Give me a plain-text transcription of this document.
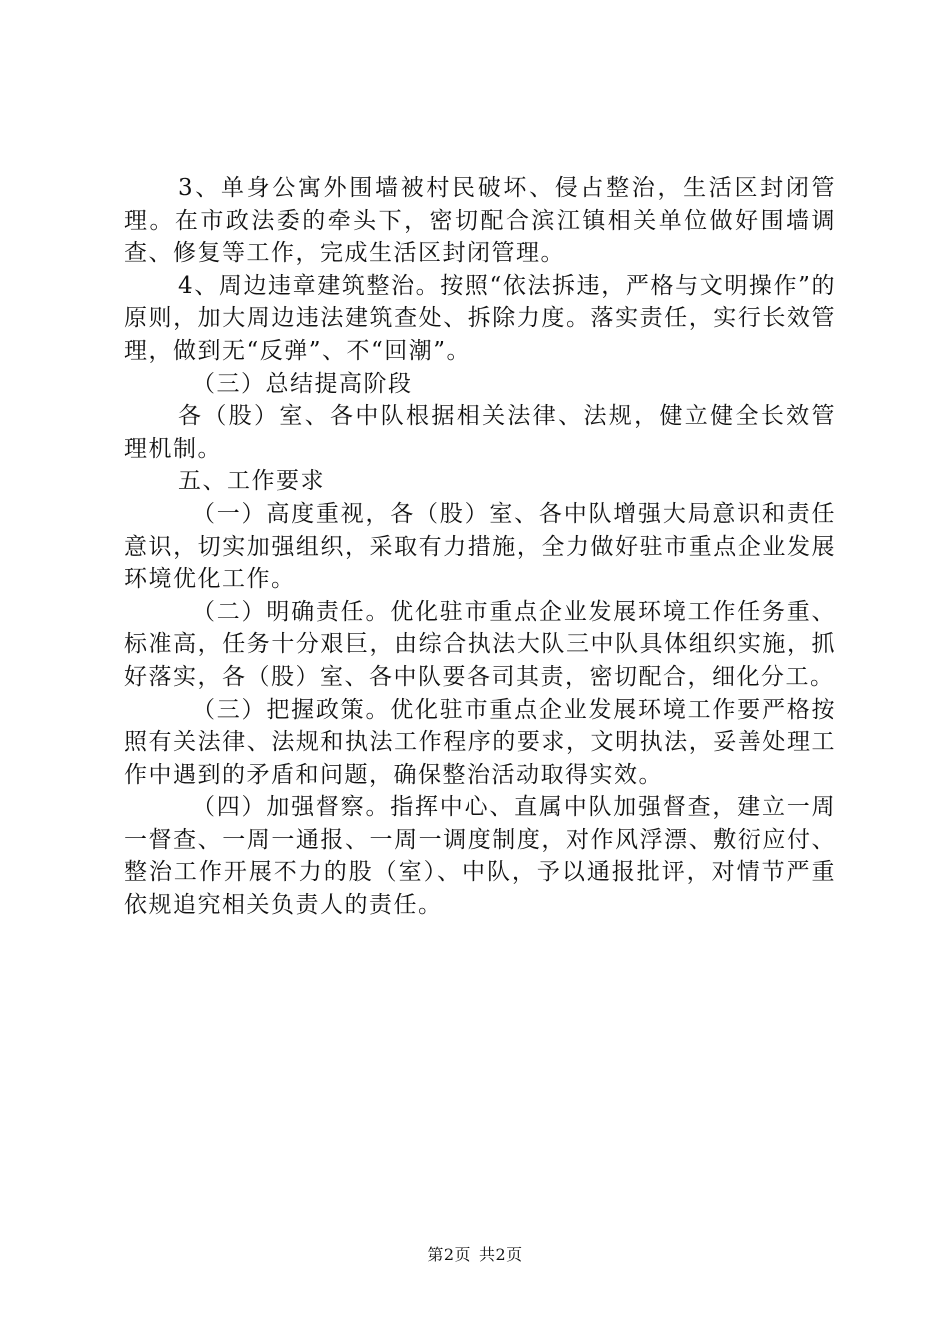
3、单身公寓外围墙被村民破坏、侵占整治，生活区封闭管理。在市政法委的牵头下，密切配合滨江镇相关单位做好围墙调查、修复等工作，完成生活区封闭管理。

4、周边违章建筑整治。按照“依法拆违，严格与文明操作”的原则，加大周边违法建筑查处、拆除力度。落实责任，实行长效管理，做到无“反弹”、不“回潮”。

（三）总结提高阶段

各（股）室、各中队根据相关法律、法规，健立健全长效管理机制。

五、工作要求

（一）高度重视，各（股）室、各中队增强大局意识和责任意识，切实加强组织，采取有力措施，全力做好驻市重点企业发展环境优化工作。

（二）明确责任。优化驻市重点企业发展环境工作任务重、标准高，任务十分艰巨，由综合执法大队三中队具体组织实施，抓好落实，各（股）室、各中队要各司其责，密切配合，细化分工。

（三）把握政策。优化驻市重点企业发展环境工作要严格按照有关法律、法规和执法工作程序的要求，文明执法，妥善处理工作中遇到的矛盾和问题，确保整治活动取得实效。

（四）加强督察。指挥中心、直属中队加强督查，建立一周一督查、一周一通报、一周一调度制度，对作风浮漂、敷衍应付、整治工作开展不力的股（室）、中队，予以通报批评，对情节严重依规追究相关负责人的责任。

第2页 共2页
